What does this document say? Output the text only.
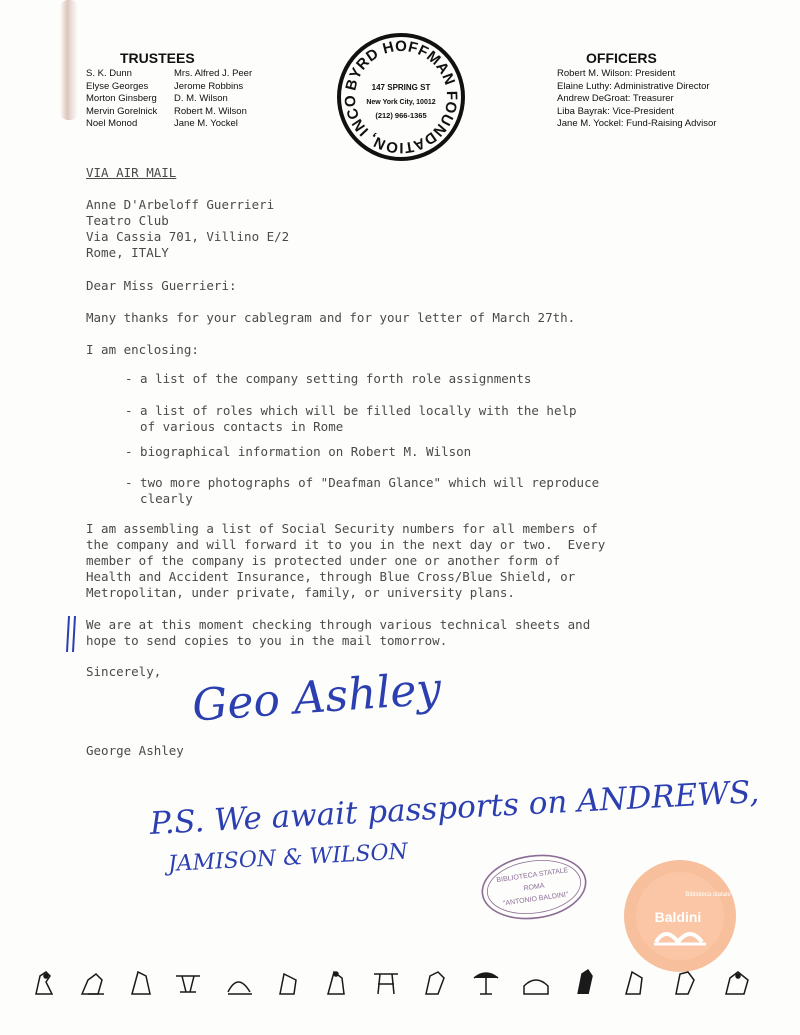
TRUSTEES
S. K. Dunn
Elyse Georges
Morton Ginsberg
Mervin Gorelnick
Noel Monod
Mrs. Alfred J. Peer
Jerome Robbins
D. M. Wilson
Robert M. Wilson
Jane M. Yockel
BYRD HOFFMAN FOUNDATION, INCO
147 SPRING ST
New York City, 10012
(212) 966-1365
OFFICERS
Robert M. Wilson: President
Elaine Luthy: Administrative Director
Andrew DeGroat: Treasurer
Liba Bayrak: Vice-President
Jane M. Yockel: Fund-Raising Advisor
VIA AIR MAIL
Anne D'Arbeloff Guerrieri
Teatro Club
Via Cassia 701, Villino E/2
Rome, ITALY
Dear Miss Guerrieri:
Many thanks for your cablegram and for your letter of March 27th.
I am enclosing:
- a list of the company setting forth role assignments
- a list of roles which will be filled locally with the help
of various contacts in Rome
- biographical information on Robert M. Wilson
- two more photographs of "Deafman Glance" which will reproduce
clearly
I am assembling a list of Social Security numbers for all members of
the company and will forward it to you in the next day or two.  Every
member of the company is protected under one or another form of
Health and Accident Insurance, through Blue Cross/Blue Shield, or
Metropolitan, under private, family, or university plans.
We are at this moment checking through various technical sheets and
hope to send copies to you in the mail tomorrow.
Sincerely, Geo Ashley
George Ashley
P.S. We await passports on ANDREWS,
JAMISON & WILSON	BIBLIOTECA STATALE
ROMA
"ANTONIO BALDINI"	Biblioteca statale
Baldini
